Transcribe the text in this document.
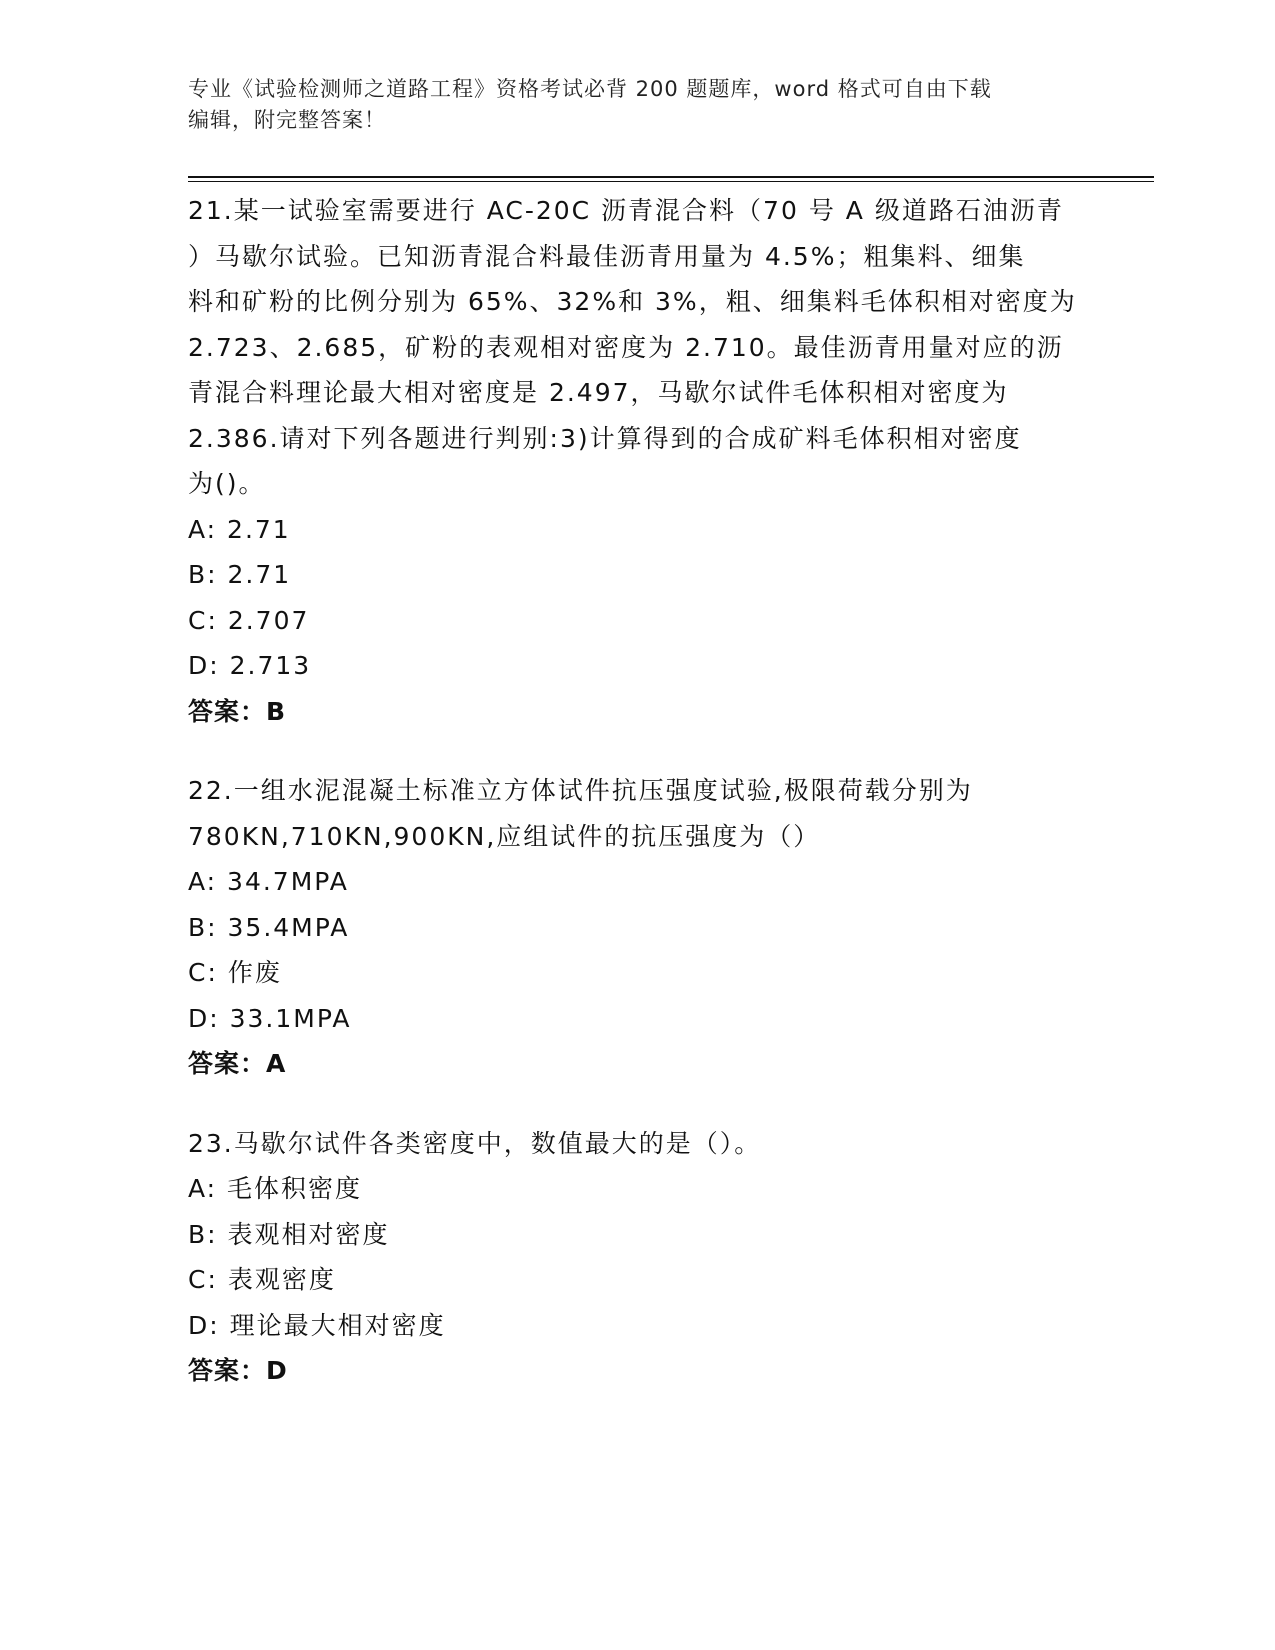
专业《试验检测师之道路工程》资格考试必背 200 题题库，word 格式可自由下载
编辑，附完整答案！
21.某一试验室需要进行 AC-20C 沥青混合料（70 号 A 级道路石油沥青
）马歇尔试验。已知沥青混合料最佳沥青用量为 4.5%；粗集料、细集
料和矿粉的比例分别为 65%、32%和 3%，粗、细集料毛体积相对密度为
2.723、2.685，矿粉的表观相对密度为 2.710。最佳沥青用量对应的沥
青混合料理论最大相对密度是 2.497，马歇尔试件毛体积相对密度为
2.386.请对下列各题进行判别:3)计算得到的合成矿料毛体积相对密度
为()。
A: 2.71
B: 2.71
C: 2.707
D: 2.713
答案：B
22.一组水泥混凝土标准立方体试件抗压强度试验,极限荷载分别为
780KN,710KN,900KN,应组试件的抗压强度为（）
A: 34.7MPA
B: 35.4MPA
C: 作废
D: 33.1MPA
答案：A
23.马歇尔试件各类密度中，数值最大的是（）。
A: 毛体积密度
B: 表观相对密度
C: 表观密度
D: 理论最大相对密度
答案：D
